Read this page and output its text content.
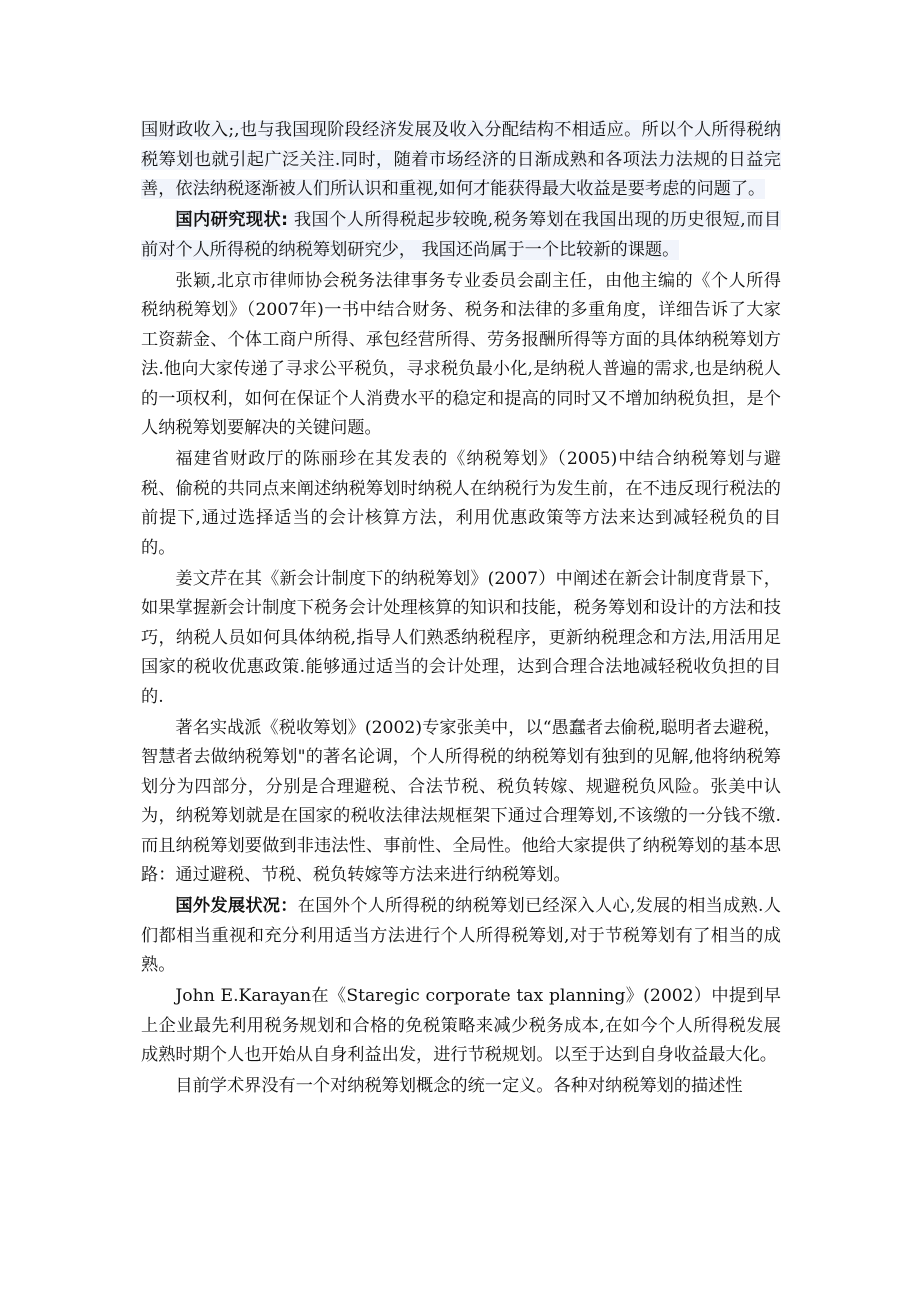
国财政收入;,也与我国现阶段经济发展及收入分配结构不相适应。所以个人所得税纳税筹划也就引起广泛关注.同时，随着市场经济的日渐成熟和各项法力法规的日益完善，依法纳税逐渐被人们所认识和重视,如何才能获得最大收益是要考虑的问题了。

国内研究现状: 我国个人所得税起步较晚,税务筹划在我国出现的历史很短,而目前对个人所得税的纳税筹划研究少， 我国还尚属于一个比较新的课题。

张颖,北京市律师协会税务法律事务专业委员会副主任，由他主编的《个人所得税纳税筹划》（2007年)一书中结合财务、税务和法律的多重角度，详细告诉了大家工资薪金、个体工商户所得、承包经营所得、劳务报酬所得等方面的具体纳税筹划方法.他向大家传递了寻求公平税负，寻求税负最小化,是纳税人普遍的需求,也是纳税人的一项权利，如何在保证个人消费水平的稳定和提高的同时又不增加纳税负担，是个人纳税筹划要解决的关键问题。

福建省财政厅的陈丽珍在其发表的《纳税筹划》（2005)中结合纳税筹划与避税、偷税的共同点来阐述纳税筹划时纳税人在纳税行为发生前，在不违反现行税法的前提下,通过选择适当的会计核算方法，利用优惠政策等方法来达到减轻税负的目的。

姜文芹在其《新会计制度下的纳税筹划》(2007）中阐述在新会计制度背景下，如果掌握新会计制度下税务会计处理核算的知识和技能，税务筹划和设计的方法和技巧，纳税人员如何具体纳税,指导人们熟悉纳税程序，更新纳税理念和方法,用活用足国家的税收优惠政策.能够通过适当的会计处理，达到合理合法地减轻税收负担的目的.

著名实战派《税收筹划》(2002)专家张美中，以“愚蠢者去偷税,聪明者去避税，智慧者去做纳税筹划"的著名论调，个人所得税的纳税筹划有独到的见解,他将纳税筹划分为四部分，分别是合理避税、合法节税、税负转嫁、规避税负风险。张美中认为，纳税筹划就是在国家的税收法律法规框架下通过合理筹划,不该缴的一分钱不缴.而且纳税筹划要做到非违法性、事前性、全局性。他给大家提供了纳税筹划的基本思路：通过避税、节税、税负转嫁等方法来进行纳税筹划。

国外发展状况：在国外个人所得税的纳税筹划已经深入人心,发展的相当成熟.人们都相当重视和充分利用适当方法进行个人所得税筹划,对于节税筹划有了相当的成熟。

John E.Karayan在《Staregic corporate tax planning》(2002）中提到早上企业最先利用税务规划和合格的免税策略来减少税务成本,在如今个人所得税发展成熟时期个人也开始从自身利益出发，进行节税规划。以至于达到自身收益最大化。

目前学术界没有一个对纳税筹划概念的统一定义。各种对纳税筹划的描述性
